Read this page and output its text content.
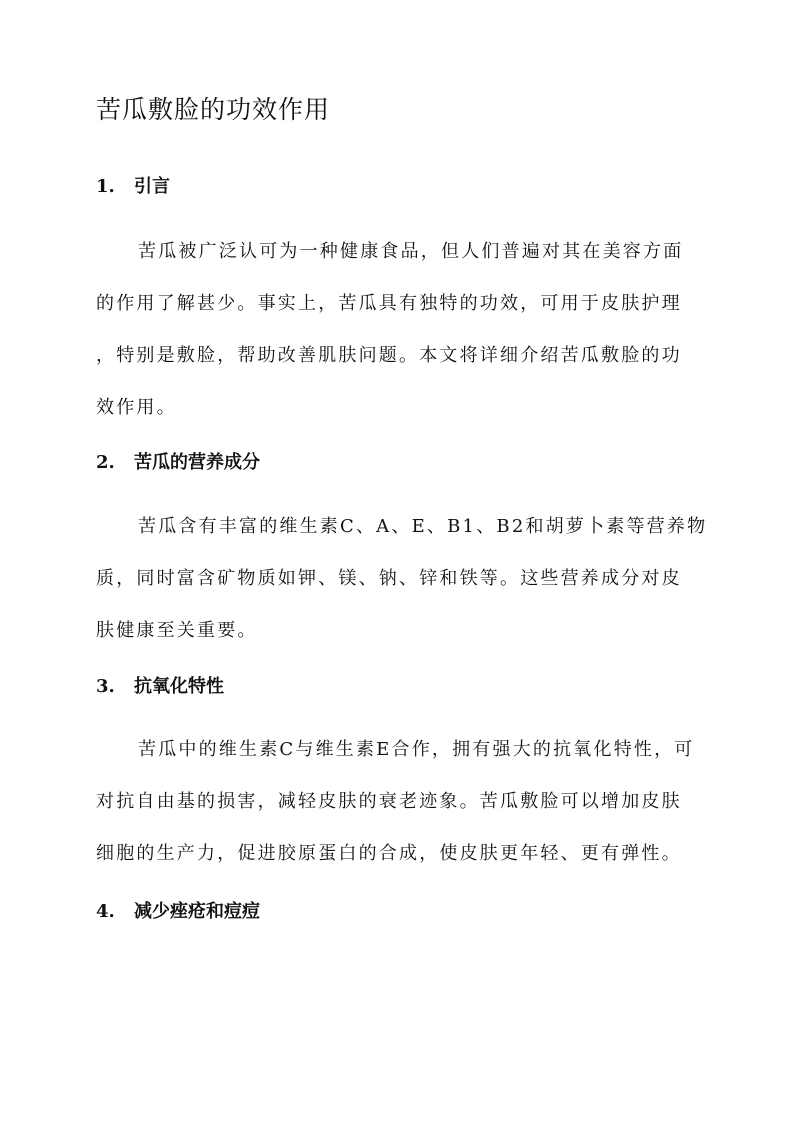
苦瓜敷脸的功效作用
1. 引言
苦瓜被广泛认可为一种健康食品，但人们普遍对其在美容方面
的作用了解甚少。事实上，苦瓜具有独特的功效，可用于皮肤护理
，特别是敷脸，帮助改善肌肤问题。本文将详细介绍苦瓜敷脸的功
效作用。
2. 苦瓜的营养成分
苦瓜含有丰富的维生素C、A、E、B1、B2和胡萝卜素等营养物
质，同时富含矿物质如钾、镁、钠、锌和铁等。这些营养成分对皮
肤健康至关重要。
3. 抗氧化特性
苦瓜中的维生素C与维生素E合作，拥有强大的抗氧化特性，可
对抗自由基的损害，减轻皮肤的衰老迹象。苦瓜敷脸可以增加皮肤
细胞的生产力，促进胶原蛋白的合成，使皮肤更年轻、更有弹性。
4. 减少痤疮和痘痘
